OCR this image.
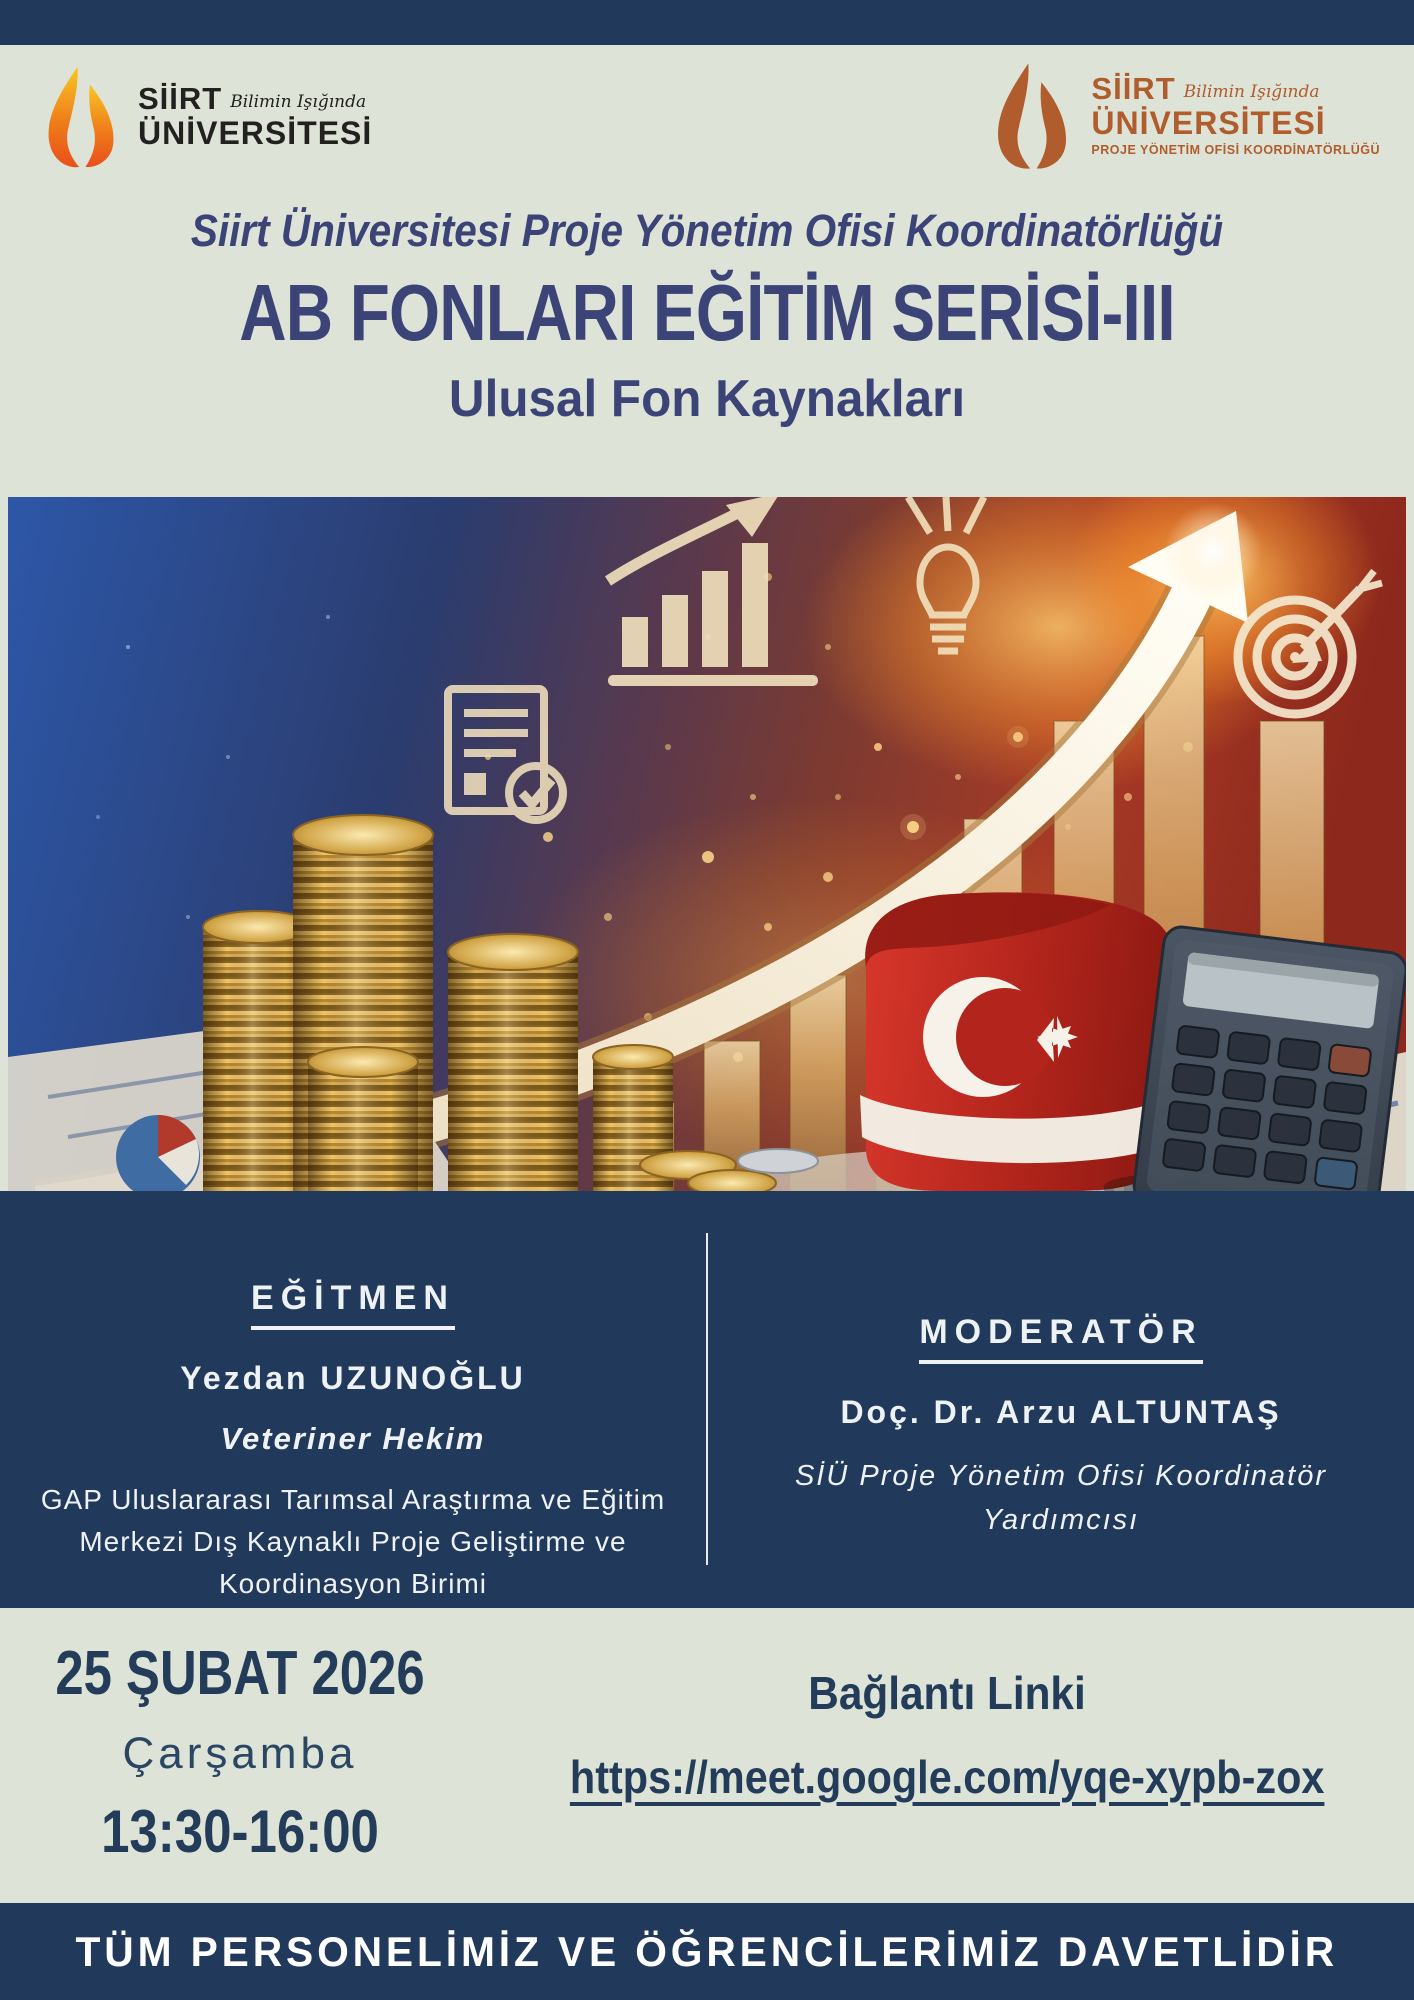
SİİRT Bilimin Işığında
ÜNİVERSİTESİ
SİİRT Bilimin Işığında
ÜNİVERSİTESİ
PROJE YÖNETİM OFİSİ KOORDİNATÖRLÜĞÜ
Siirt Üniversitesi Proje Yönetim Ofisi Koordinatörlüğü
AB FONLARI EĞİTİM SERİSİ-III
Ulusal Fon Kaynakları
EĞİTMEN
Yezdan UZUNOĞLU
Veteriner Hekim
GAP Uluslararası Tarımsal Araştırma ve Eğitim Merkezi Dış Kaynaklı Proje Geliştirme ve Koordinasyon Birimi
MODERATÖR
Doç. Dr. Arzu ALTUNTAŞ
SİÜ Proje Yönetim Ofisi Koordinatör Yardımcısı
25 ŞUBAT 2026
Çarşamba
13:30-16:00
Bağlantı Linki
https://meet.google.com/yqe-xypb-zox
TÜM PERSONELİMİZ VE ÖĞRENCİLERİMİZ DAVETLİDİR
